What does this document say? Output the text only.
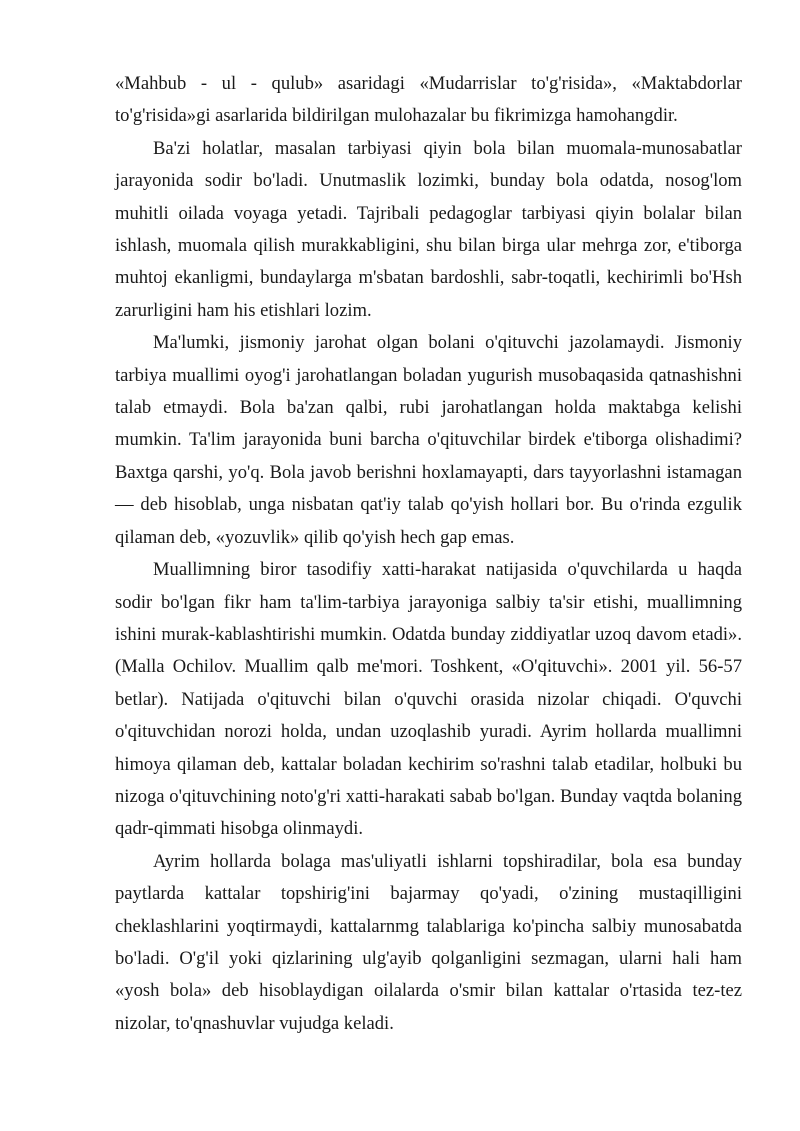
«Mahbub - ul - qulub» asaridagi «Mudarrislar to'g'risida», «Maktabdorlar to'g'risida»gi asarlarida bildirilgan mulohazalar bu fikrimizga hamohangdir.

Ba'zi holatlar, masalan tarbiyasi qiyin bola bilan muomala-munosabatlar jarayonida sodir bo'ladi. Unutmaslik lozimki, bunday bola odatda, nosog'lom muhitli oilada voyaga yetadi. Tajribali pedagoglar tarbiyasi qiyin bolalar bilan ishlash, muomala qilish murakkabligini, shu bilan birga ular mehrga zor, e'tiborga muhtoj ekanligmi, bundaylarga m'sbatan bardoshli, sabr-toqatli, kechirimli bo'Hsh zarurligini ham his etishlari lozim.

Ma'lumki, jismoniy jarohat olgan bolani o'qituvchi jazolamaydi. Jismoniy tarbiya muallimi oyog'i jarohatlangan boladan yugurish musobaqasida qatnashishni talab etmaydi. Bola ba'zan qalbi, rubi jarohatlangan holda maktabga kelishi mumkin. Ta'lim jarayonida buni barcha o'qituvchilar birdek e'tiborga olishadimi? Baxtga qarshi, yo'q. Bola javob berishni hoxlamayapti, dars tayyorlashni istamagan — deb hisoblab, unga nisbatan qat'iy talab qo'yish hollari bor. Bu o'rinda ezgulik qilaman deb, «yozuvlik» qilib qo'yish hech gap emas.

Muallimning biror tasodifiy xatti-harakat natijasida o'quvchilarda u haqda sodir bo'lgan fikr ham ta'lim-tarbiya jarayoniga salbiy ta'sir etishi, muallimning ishini murak-kablashtirishi mumkin. Odatda bunday ziddiyatlar uzoq davom etadi». (Malla Ochilov. Muallim qalb me'mori. Toshkent, «O'qituvchi». 2001 yil. 56-57 betlar). Natijada o'qituvchi bilan o'quvchi orasida nizolar chiqadi. O'quvchi o'qituvchidan norozi holda, undan uzoqlashib yuradi. Ayrim hollarda muallimni himoya qilaman deb, kattalar boladan kechirim so'rashni talab etadilar, holbuki bu nizoga o'qituvchining noto'g'ri xatti-harakati sabab bo'lgan. Bunday vaqtda bolaning qadr-qimmati hisobga olinmaydi.

Ayrim hollarda bolaga mas'uliyatli ishlarni topshiradilar, bola esa bunday paytlarda kattalar topshirig'ini bajarmay qo'yadi, o'zining mustaqilligini cheklashlarini yoqtirmaydi, kattalarnmg talablariga ko'pincha salbiy munosabatda bo'ladi. O'g'il yoki qizlarining ulg'ayib qolganligini sezmagan, ularni hali ham «yosh bola» deb hisoblaydigan oilalarda o'smir bilan kattalar o'rtasida tez-tez nizolar, to'qnashuvlar vujudga keladi.
